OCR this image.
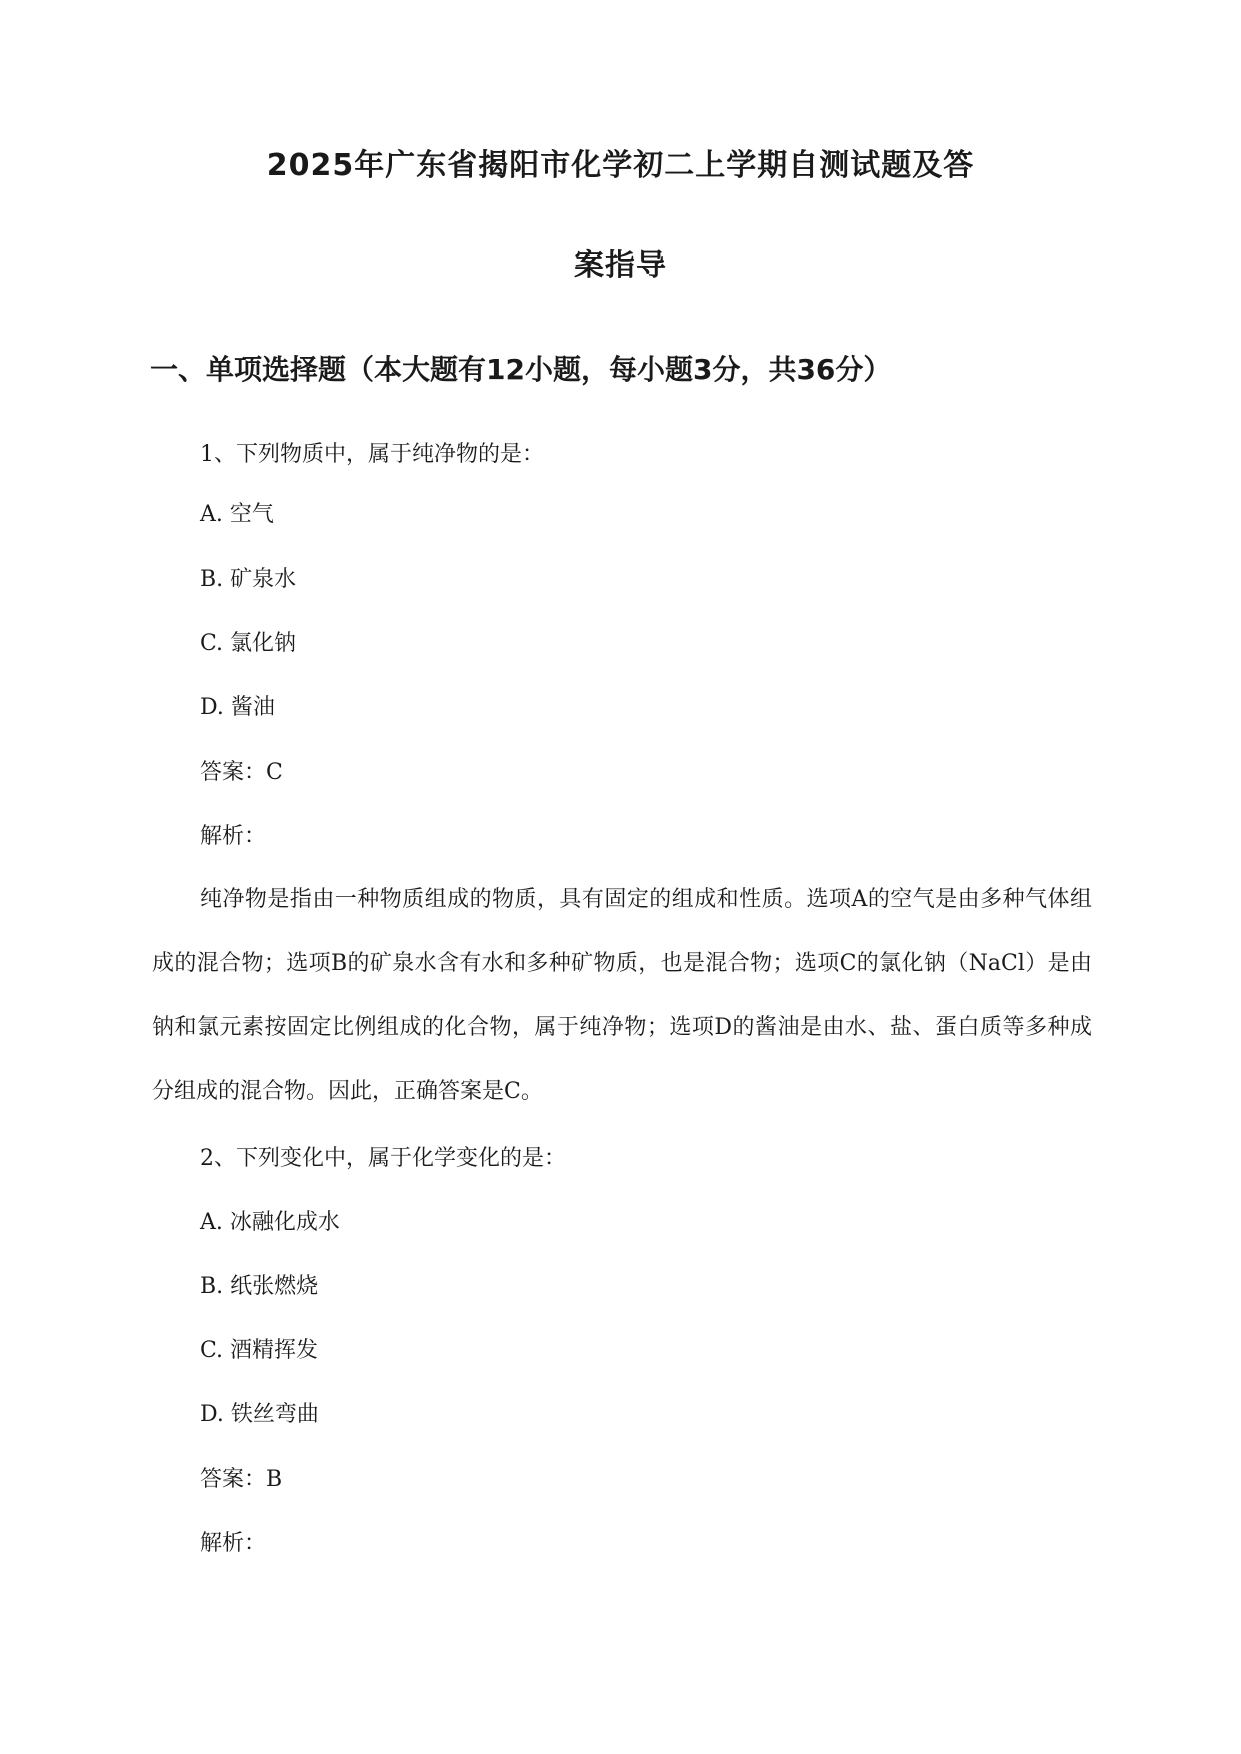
2025年广东省揭阳市化学初二上学期自测试题及答
案指导
一、单项选择题（本大题有12小题，每小题3分，共36分）
1、下列物质中，属于纯净物的是：
A. 空气
B. 矿泉水
C. 氯化钠
D. 酱油
答案：C
解析：

纯净物是指由一种物质组成的物质，具有固定的组成和性质。选项A的空气是由多种气体组成的混合物；选项B的矿泉水含有水和多种矿物质，也是混合物；选项C的氯化钠（NaCl）是由钠和氯元素按固定比例组成的化合物，属于纯净物；选项D的酱油是由水、盐、蛋白质等多种成分组成的混合物。因此，正确答案是C。

2、下列变化中，属于化学变化的是：
A. 冰融化成水
B. 纸张燃烧
C. 酒精挥发
D. 铁丝弯曲
答案：B
解析：
